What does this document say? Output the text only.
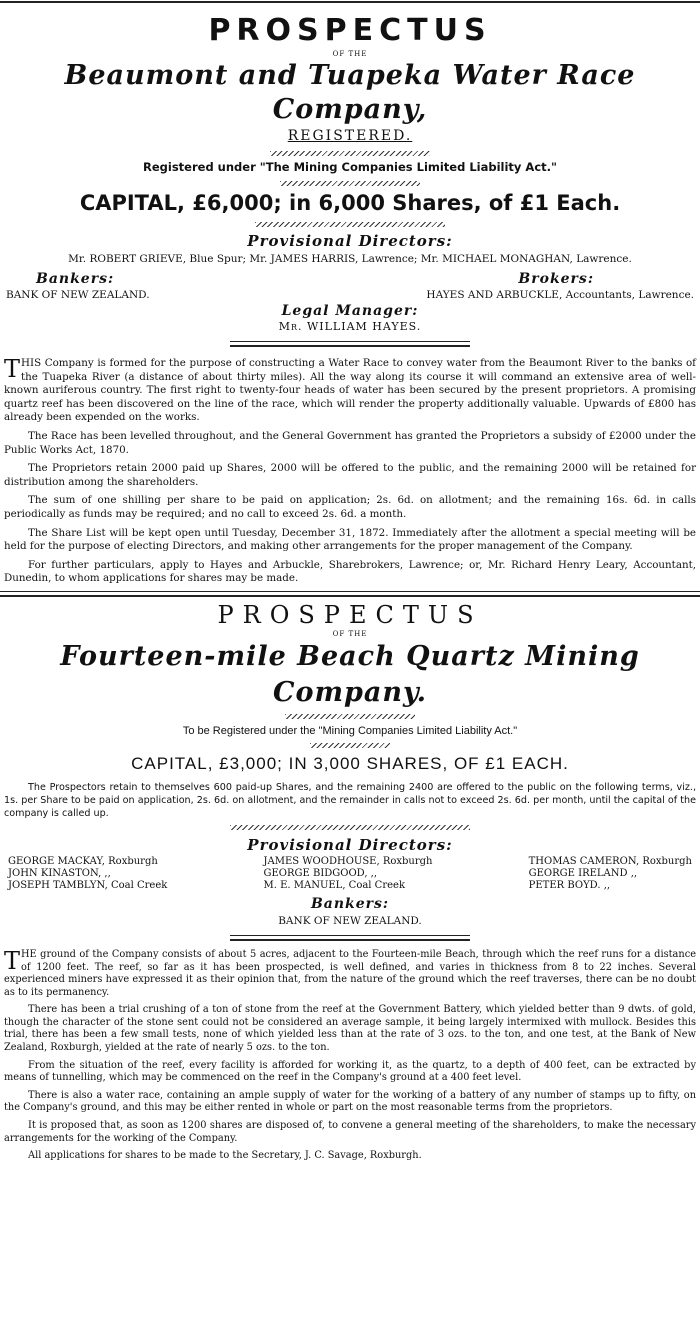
PROSPECTUS
OF THE
Beaumont and Tuapeka Water Race Company,
REGISTERED.
Registered under "The Mining Companies Limited Liability Act."
CAPITAL, £6,000; in 6,000 Shares, of £1 Each.
Provisional Directors:
Mr. ROBERT GRIEVE, Blue Spur; Mr. JAMES HARRIS, Lawrence; Mr. MICHAEL MONAGHAN, Lawrence.
Bankers:
BANK OF NEW ZEALAND.
Brokers:
HAYES AND ARBUCKLE, Accountants, Lawrence.
Legal Manager:
Mr. WILLIAM HAYES.

THIS Company is formed for the purpose of constructing a Water Race to convey water from the Beaumont River to the banks of the Tuapeka River (a distance of about thirty miles). All the way along its course it will command an extensive area of well-known auriferous country. The first right to twenty-four heads of water has been secured by the present proprietors. A promising quartz reef has been discovered on the line of the race, which will render the property additionally valuable. Upwards of £800 has already been expended on the works.

The Race has been levelled throughout, and the General Government has granted the Proprietors a subsidy of £2000 under the Public Works Act, 1870.

The Proprietors retain 2000 paid up Shares, 2000 will be offered to the public, and the remaining 2000 will be retained for distribution among the shareholders.

The sum of one shilling per share to be paid on application; 2s. 6d. on allotment; and the remaining 16s. 6d. in calls periodically as funds may be required; and no call to exceed 2s. 6d. a month.

The Share List will be kept open until Tuesday, December 31, 1872. Immediately after the allotment a special meeting will be held for the purpose of electing Directors, and making other arrangements for the proper management of the Company.

For further particulars, apply to Hayes and Arbuckle, Sharebrokers, Lawrence; or, Mr. Richard Henry Leary, Accountant, Dunedin, to whom applications for shares may be made.

PROSPECTUS
OF THE
Fourteen-mile Beach Quartz Mining Company.
To be Registered under the "Mining Companies Limited Liability Act."
CAPITAL, £3,000; IN 3,000 SHARES, OF £1 EACH.

The Prospectors retain to themselves 600 paid-up Shares, and the remaining 2400 are offered to the public on the following terms, viz., 1s. per Share to be paid on application, 2s. 6d. on allotment, and the remainder in calls not to exceed 2s. 6d. per month, until the capital of the company is called up.

Provisional Directors:
GEORGE MACKAY, Roxburgh
JOHN KINASTON, ,,
JOSEPH TAMBLYN, Coal Creek
JAMES WOODHOUSE, Roxburgh
GEORGE BIDGOOD, ,,
M. E. MANUEL, Coal Creek
THOMAS CAMERON, Roxburgh
GEORGE IRELAND ,,
PETER BOYD. ,,
Bankers:
BANK OF NEW ZEALAND.

THE ground of the Company consists of about 5 acres, adjacent to the Fourteen-mile Beach, through which the reef runs for a distance of 1200 feet. The reef, so far as it has been prospected, is well defined, and varies in thickness from 8 to 22 inches. Several experienced miners have expressed it as their opinion that, from the nature of the ground which the reef traverses, there can be no doubt as to its permanency.

There has been a trial crushing of a ton of stone from the reef at the Government Battery, which yielded better than 9 dwts. of gold, though the character of the stone sent could not be considered an average sample, it being largely intermixed with mullock. Besides this trial, there has been a few small tests, none of which yielded less than at the rate of 3 ozs. to the ton, and one test, at the Bank of New Zealand, Roxburgh, yielded at the rate of nearly 5 ozs. to the ton.

From the situation of the reef, every facility is afforded for working it, as the quartz, to a depth of 400 feet, can be extracted by means of tunnelling, which may be commenced on the reef in the Company's ground at a 400 feet level.

There is also a water race, containing an ample supply of water for the working of a battery of any number of stamps up to fifty, on the Company's ground, and this may be either rented in whole or part on the most reasonable terms from the proprietors.

It is proposed that, as soon as 1200 shares are disposed of, to convene a general meeting of the shareholders, to make the necessary arrangements for the working of the Company.

All applications for shares to be made to the Secretary, J. C. Savage, Roxburgh.
